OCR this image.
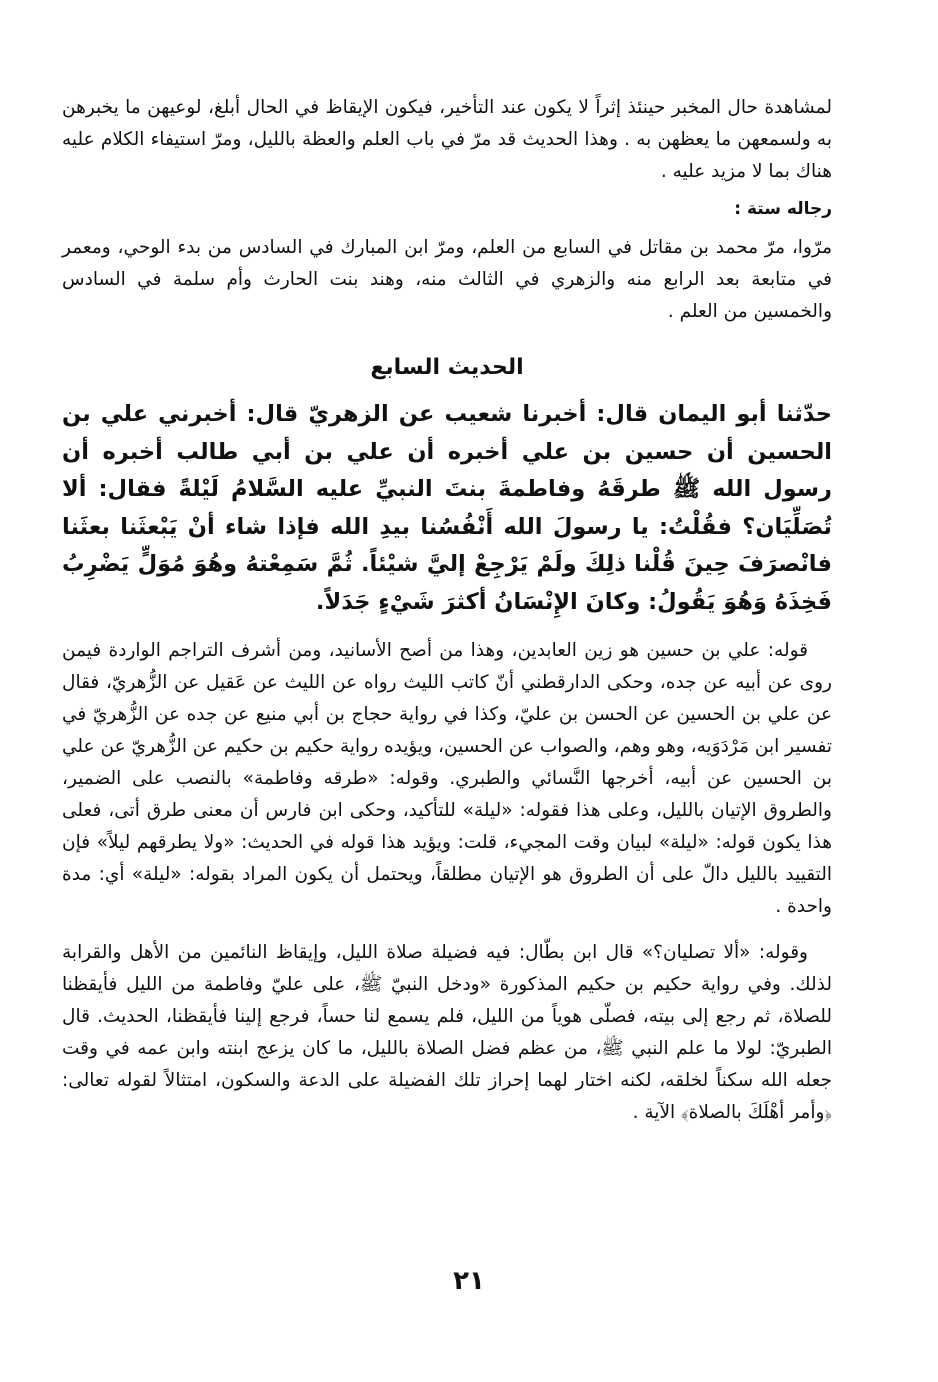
لمشاهدة حال المخبر حينئذ إثراً لا يكون عند التأخير، فيكون الإيقاظ في الحال أبلغ، لوعيهن ما يخبرهن به ولسمعهن ما يعظهن به . وهذا الحديث قد مرّ في باب العلم والعظة بالليل، ومرّ استيفاء الكلام عليه هناك بما لا مزيد عليه .

رجاله ستة :

مرّوا، مرّ محمد بن مقاتل في السابع من العلم، ومرّ ابن المبارك في السادس من بدء الوحي، ومعمر في متابعة بعد الرابع منه والزهري في الثالث منه، وهند بنت الحارث وأم سلمة في السادس والخمسين من العلم .

الحديث السابع

حدّثنا أبو اليمان قال: أخبرنا شعيب عن الزهريّ قال: أخبرني علي بن الحسين أن حسين بن علي أخبره أن علي بن أبي طالب أخبره أن رسول الله ﷺ طرقَهُ وفاطمةَ بنتَ النبيِّ عليه السَّلامُ لَيْلةً فقال: ألا تُصَلِّيَان؟ فقُلْتُ: يا رسولَ الله أَنْفُسُنا بيدِ الله فإذا شاء أنْ يَبْعثَنا بعثَنا فانْصرَفَ حِينَ قُلْنا ذلِكَ ولَمْ يَرْجِعْ إليَّ شيْئاً. ثُمَّ سَمِعْتهُ وهُوَ مُوَلٍّ يَضْرِبُ فَخِذَهُ وَهُوَ يَقُولُ: وكانَ الإِنْسَانُ أكثرَ شَيْءٍ جَدَلاً.

قوله: علي بن حسين هو زين العابدين، وهذا من أصح الأسانيد، ومن أشرف التراجم الواردة فيمن روى عن أبيه عن جده، وحكى الدارقطني أنّ كاتب الليث رواه عن الليث عن عَقيل عن الزُّهريّ، فقال عن علي بن الحسين عن الحسن بن عليّ، وكذا في رواية حجاج بن أبي منيع عن جده عن الزُّهريّ في تفسير ابن مَرْدَوَيه، وهو وهم، والصواب عن الحسين، ويؤيده رواية حكيم بن حكيم عن الزُّهريّ عن علي بن الحسين عن أبيه، أخرجها النَّسائي والطبري. وقوله: «طرقه وفاطمة» بالنصب على الضمير، والطروق الإتيان بالليل، وعلى هذا فقوله: «ليلة» للتأكيد، وحكى ابن فارس أن معنى طرق أتى، فعلى هذا يكون قوله: «ليلة» لبيان وقت المجيء، قلت: ويؤيد هذا قوله في الحديث: «ولا يطرقهم ليلاً» فإن التقييد بالليل دالّ على أن الطروق هو الإتيان مطلقاً، ويحتمل أن يكون المراد بقوله: «ليلة» أي: مدة واحدة .

وقوله: «ألا تصليان؟» قال ابن بطّال: فيه فضيلة صلاة الليل، وإيقاظ النائمين من الأهل والقرابة لذلك. وفي رواية حكيم بن حكيم المذكورة «ودخل النبيّ ﷺ، على عليّ وفاطمة من الليل فأيقظنا للصلاة، ثم رجع إلى بيته، فصلّى هوياً من الليل، فلم يسمع لنا حساً، فرجع إلينا فأيقظنا، الحديث. قال الطبريّ: لولا ما علم النبي ﷺ، من عظم فضل الصلاة بالليل، ما كان يزعج ابنته وابن عمه في وقت جعله الله سكناً لخلقه، لكنه اختار لهما إحراز تلك الفضيلة على الدعة والسكون، امتثالاً لقوله تعالى: ﴿وأمر أهْلَكَ بالصلاة﴾ الآية .

٢١
